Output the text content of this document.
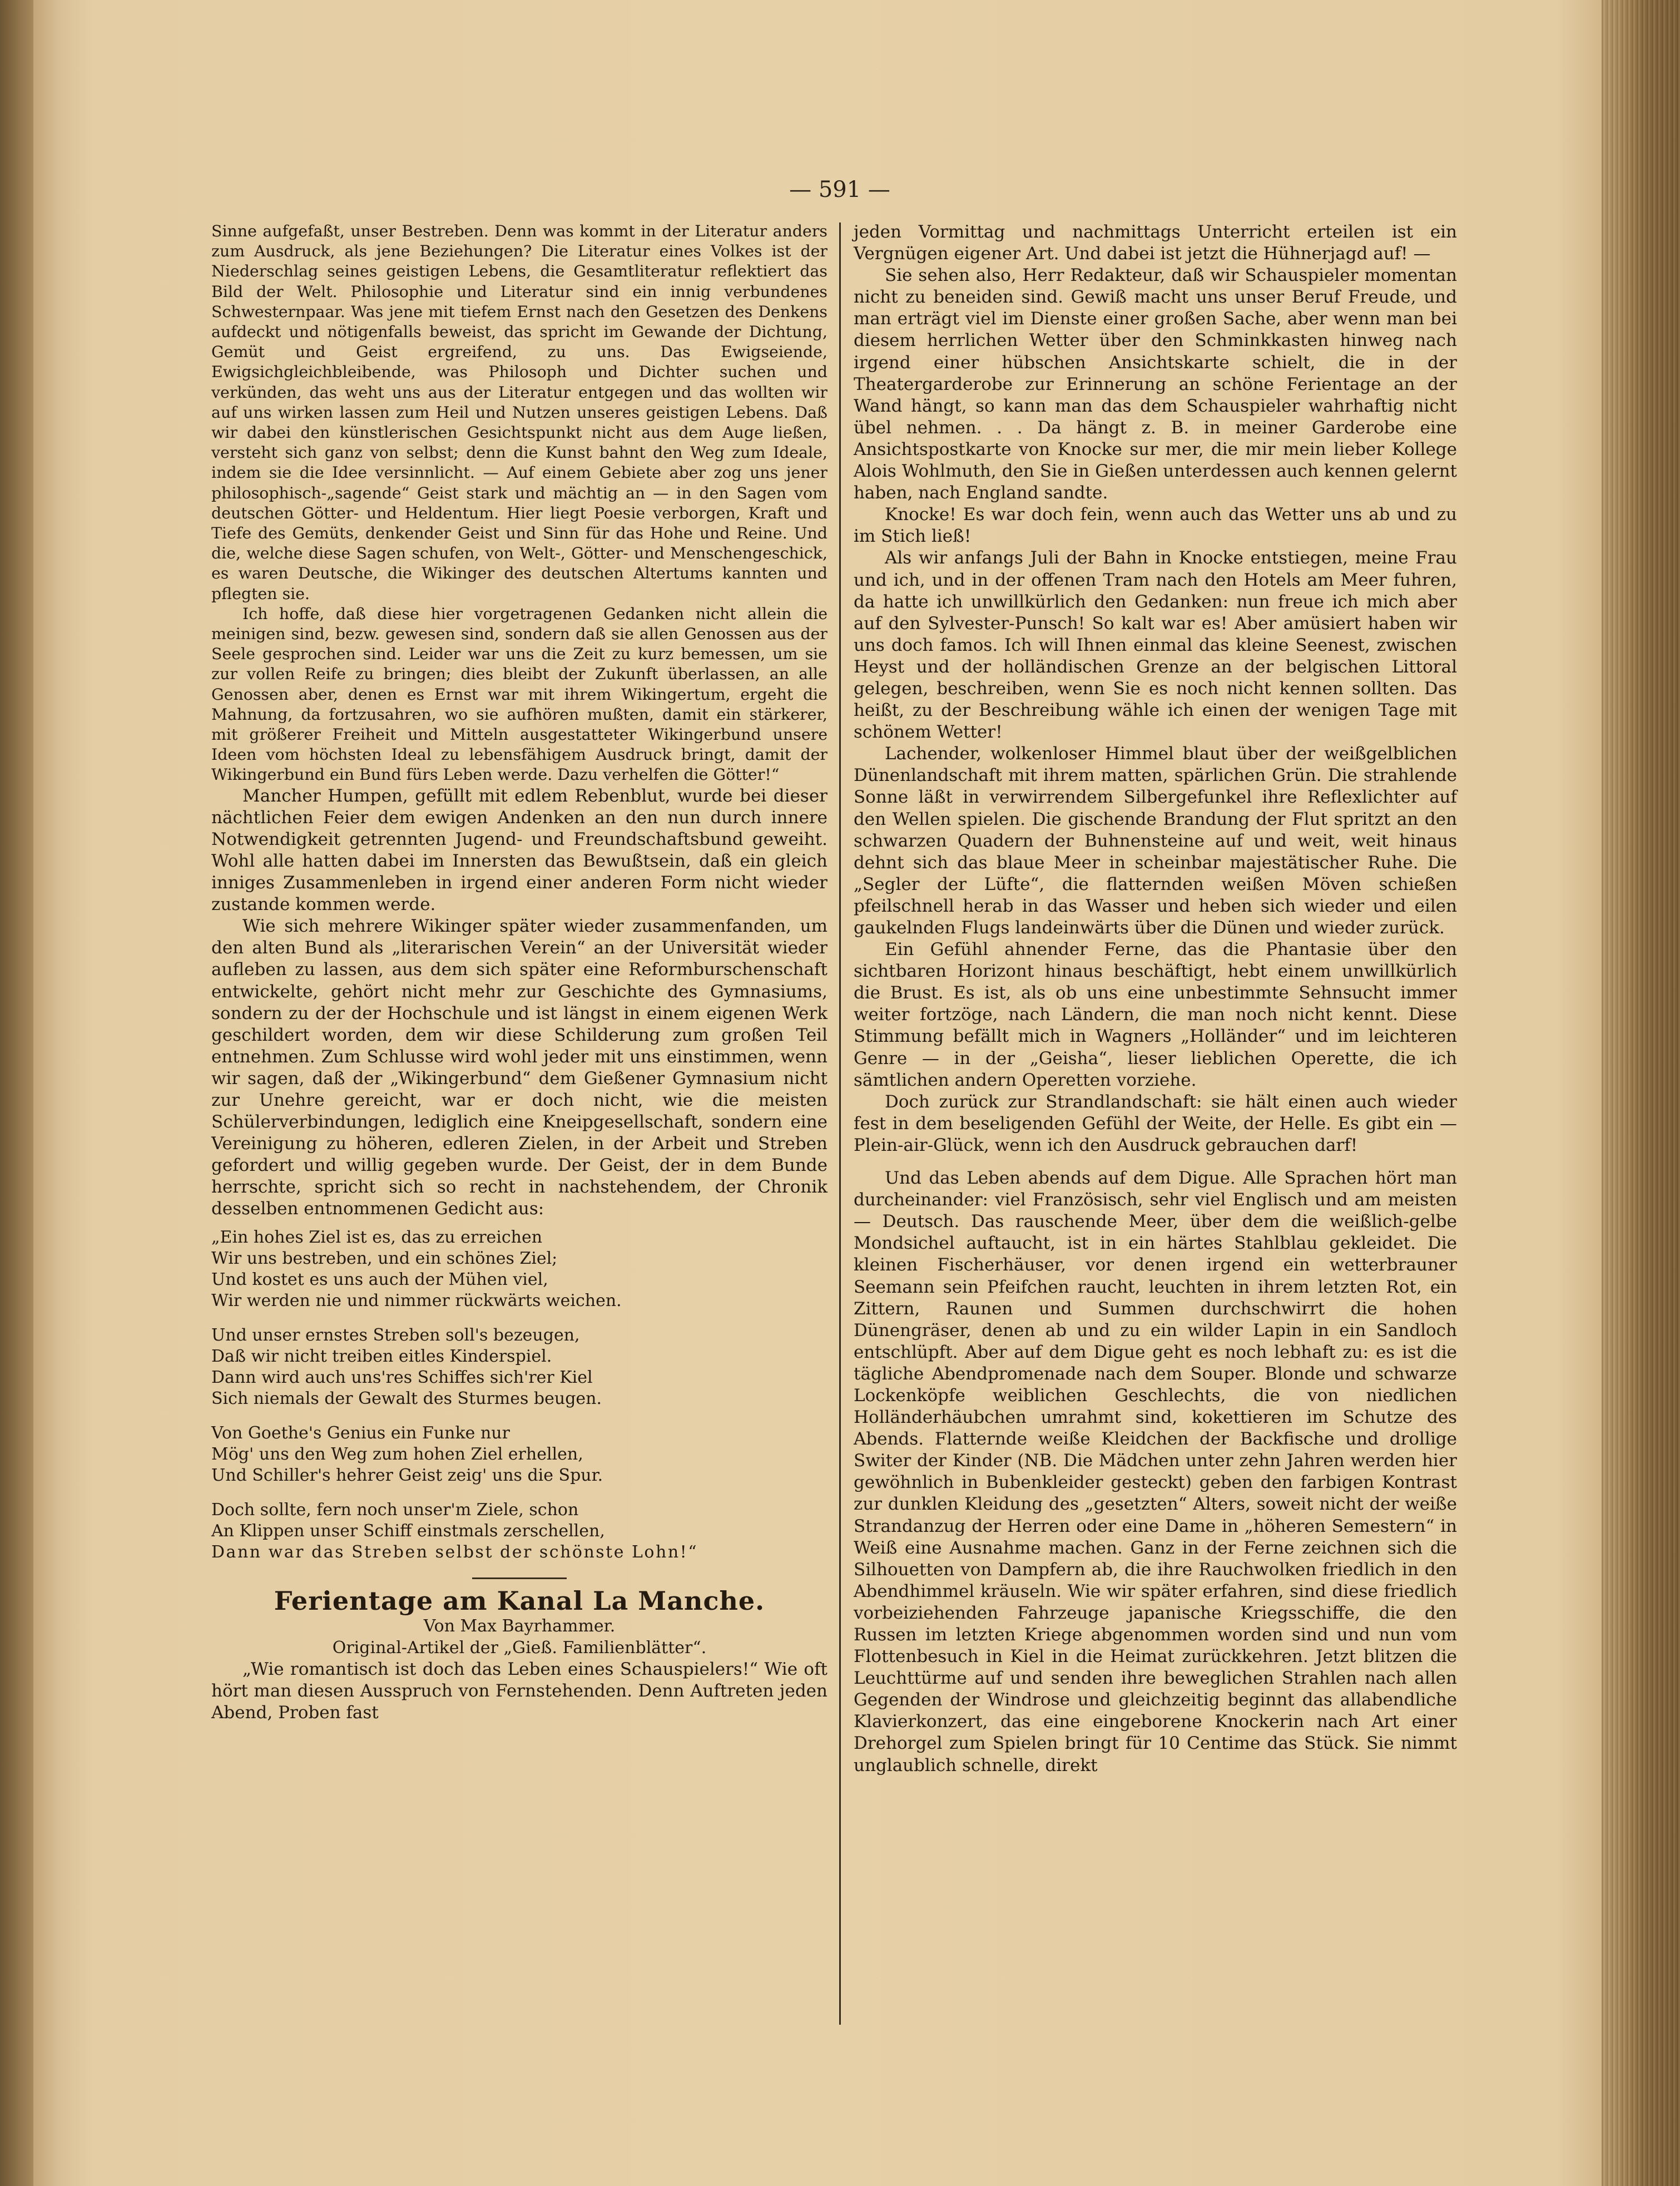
— 591 —

Sinne aufgefaßt, unser Bestreben. Denn was kommt in der Literatur anders zum Ausdruck, als jene Beziehungen? Die Literatur eines Volkes ist der Niederschlag seines geistigen Lebens, die Gesamtliteratur reflektiert das Bild der Welt. Philosophie und Literatur sind ein innig verbundenes Schwesternpaar. Was jene mit tiefem Ernst nach den Gesetzen des Denkens aufdeckt und nötigenfalls beweist, das spricht im Gewande der Dichtung, Gemüt und Geist ergreifend, zu uns. Das Ewigseiende, Ewigsichgleichbleibende, was Philosoph und Dichter suchen und verkünden, das weht uns aus der Literatur entgegen und das wollten wir auf uns wirken lassen zum Heil und Nutzen unseres geistigen Lebens. Daß wir dabei den künstlerischen Gesichtspunkt nicht aus dem Auge ließen, versteht sich ganz von selbst; denn die Kunst bahnt den Weg zum Ideale, indem sie die Idee versinnlicht. — Auf einem Gebiete aber zog uns jener philosophisch-„sagende“ Geist stark und mächtig an — in den Sagen vom deutschen Götter- und Heldentum. Hier liegt Poesie verborgen, Kraft und Tiefe des Gemüts, denkender Geist und Sinn für das Hohe und Reine. Und die, welche diese Sagen schufen, von Welt-, Götter- und Menschengeschick, es waren Deutsche, die Wikinger des deutschen Altertums kannten und pflegten sie.

Ich hoffe, daß diese hier vorgetragenen Gedanken nicht allein die meinigen sind, bezw. gewesen sind, sondern daß sie allen Genossen aus der Seele gesprochen sind. Leider war uns die Zeit zu kurz bemessen, um sie zur vollen Reife zu bringen; dies bleibt der Zukunft überlassen, an alle Genossen aber, denen es Ernst war mit ihrem Wikingertum, ergeht die Mahnung, da fortzusahren, wo sie aufhören mußten, damit ein stärkerer, mit größerer Freiheit und Mitteln ausgestatteter Wikingerbund unsere Ideen vom höchsten Ideal zu lebensfähigem Ausdruck bringt, damit der Wikingerbund ein Bund fürs Leben werde. Dazu verhelfen die Götter!“

Mancher Humpen, gefüllt mit edlem Rebenblut, wurde bei dieser nächtlichen Feier dem ewigen Andenken an den nun durch innere Notwendigkeit getrennten Jugend- und Freundschaftsbund geweiht. Wohl alle hatten dabei im Innersten das Bewußtsein, daß ein gleich inniges Zusammenleben in irgend einer anderen Form nicht wieder zustande kommen werde.

Wie sich mehrere Wikinger später wieder zusammenfanden, um den alten Bund als „literarischen Verein“ an der Universität wieder aufleben zu lassen, aus dem sich später eine Reformburschenschaft entwickelte, gehört nicht mehr zur Geschichte des Gymnasiums, sondern zu der der Hochschule und ist längst in einem eigenen Werk geschildert worden, dem wir diese Schilderung zum großen Teil entnehmen. Zum Schlusse wird wohl jeder mit uns einstimmen, wenn wir sagen, daß der „Wikingerbund“ dem Gießener Gymnasium nicht zur Unehre gereicht, war er doch nicht, wie die meisten Schülerverbindungen, lediglich eine Kneipgesellschaft, sondern eine Vereinigung zu höheren, edleren Zielen, in der Arbeit und Streben gefordert und willig gegeben wurde. Der Geist, der in dem Bunde herrschte, spricht sich so recht in nachstehendem, der Chronik desselben entnommenen Gedicht aus:

„Ein hohes Ziel ist es, das zu erreichen
Wir uns bestreben, und ein schönes Ziel;
Und kostet es uns auch der Mühen viel,
Wir werden nie und nimmer rückwärts weichen.
Und unser ernstes Streben soll's bezeugen,
Daß wir nicht treiben eitles Kinderspiel.
Dann wird auch uns'res Schiffes sich'rer Kiel
Sich niemals der Gewalt des Sturmes beugen.
Von Goethe's Genius ein Funke nur
Mög' uns den Weg zum hohen Ziel erhellen,
Und Schiller's hehrer Geist zeig' uns die Spur.
Doch sollte, fern noch unser'm Ziele, schon
An Klippen unser Schiff einstmals zerschellen,
Dann war das Streben selbst der schönste Lohn!“

Ferientage am Kanal La Manche.

Von Max Bayrhammer.

Original-Artikel der „Gieß. Familienblätter“.

„Wie romantisch ist doch das Leben eines Schauspielers!“ Wie oft hört man diesen Ausspruch von Fernstehenden. Denn Auftreten jeden Abend, Proben fast

jeden Vormittag und nachmittags Unterricht erteilen ist ein Vergnügen eigener Art. Und dabei ist jetzt die Hühnerjagd auf! —

Sie sehen also, Herr Redakteur, daß wir Schauspieler momentan nicht zu beneiden sind. Gewiß macht uns unser Beruf Freude, und man erträgt viel im Dienste einer großen Sache, aber wenn man bei diesem herrlichen Wetter über den Schminkkasten hinweg nach irgend einer hübschen Ansichtskarte schielt, die in der Theatergarderobe zur Erinnerung an schöne Ferientage an der Wand hängt, so kann man das dem Schauspieler wahrhaftig nicht übel nehmen. . . Da hängt z. B. in meiner Garderobe eine Ansichtspostkarte von Knocke sur mer, die mir mein lieber Kollege Alois Wohlmuth, den Sie in Gießen unterdessen auch kennen gelernt haben, nach England sandte.

Knocke! Es war doch fein, wenn auch das Wetter uns ab und zu im Stich ließ!

Als wir anfangs Juli der Bahn in Knocke entstiegen, meine Frau und ich, und in der offenen Tram nach den Hotels am Meer fuhren, da hatte ich unwillkürlich den Gedanken: nun freue ich mich aber auf den Sylvester-Punsch! So kalt war es! Aber amüsiert haben wir uns doch famos. Ich will Ihnen einmal das kleine Seenest, zwischen Heyst und der holländischen Grenze an der belgischen Littoral gelegen, beschreiben, wenn Sie es noch nicht kennen sollten. Das heißt, zu der Beschreibung wähle ich einen der wenigen Tage mit schönem Wetter!

Lachender, wolkenloser Himmel blaut über der weißgelblichen Dünenlandschaft mit ihrem matten, spärlichen Grün. Die strahlende Sonne läßt in verwirrendem Silbergefunkel ihre Reflexlichter auf den Wellen spielen. Die gischende Brandung der Flut spritzt an den schwarzen Quadern der Buhnensteine auf und weit, weit hinaus dehnt sich das blaue Meer in scheinbar majestätischer Ruhe. Die „Segler der Lüfte“, die flatternden weißen Möven schießen pfeilschnell herab in das Wasser und heben sich wieder und eilen gaukelnden Flugs landeinwärts über die Dünen und wieder zurück.

Ein Gefühl ahnender Ferne, das die Phantasie über den sichtbaren Horizont hinaus beschäftigt, hebt einem unwillkürlich die Brust. Es ist, als ob uns eine unbestimmte Sehnsucht immer weiter fortzöge, nach Ländern, die man noch nicht kennt. Diese Stimmung befällt mich in Wagners „Holländer“ und im leichteren Genre — in der „Geisha“, lieser lieblichen Operette, die ich sämtlichen andern Operetten vorziehe.

Doch zurück zur Strandlandschaft: sie hält einen auch wieder fest in dem beseligenden Gefühl der Weite, der Helle. Es gibt ein — Plein-air-Glück, wenn ich den Ausdruck gebrauchen darf!

Und das Leben abends auf dem Digue. Alle Sprachen hört man durcheinander: viel Französisch, sehr viel Englisch und am meisten — Deutsch. Das rauschende Meer, über dem die weißlich-gelbe Mondsichel auftaucht, ist in ein härtes Stahlblau gekleidet. Die kleinen Fischerhäuser, vor denen irgend ein wetterbrauner Seemann sein Pfeifchen raucht, leuchten in ihrem letzten Rot, ein Zittern, Raunen und Summen durchschwirrt die hohen Dünengräser, denen ab und zu ein wilder Lapin in ein Sandloch entschlüpft. Aber auf dem Digue geht es noch lebhaft zu: es ist die tägliche Abendpromenade nach dem Souper. Blonde und schwarze Lockenköpfe weiblichen Geschlechts, die von niedlichen Holländerhäubchen umrahmt sind, kokettieren im Schutze des Abends. Flatternde weiße Kleidchen der Backfische und drollige Switer der Kinder (NB. Die Mädchen unter zehn Jahren werden hier gewöhnlich in Bubenkleider gesteckt) geben den farbigen Kontrast zur dunklen Kleidung des „gesetzten“ Alters, soweit nicht der weiße Strandanzug der Herren oder eine Dame in „höheren Semestern“ in Weiß eine Ausnahme machen. Ganz in der Ferne zeichnen sich die Silhouetten von Dampfern ab, die ihre Rauchwolken friedlich in den Abendhimmel kräuseln. Wie wir später erfahren, sind diese friedlich vorbeiziehenden Fahrzeuge japanische Kriegsschiffe, die den Russen im letzten Kriege abgenommen worden sind und nun vom Flottenbesuch in Kiel in die Heimat zurückkehren. Jetzt blitzen die Leuchttürme auf und senden ihre beweglichen Strahlen nach allen Gegenden der Windrose und gleichzeitig beginnt das allabendliche Klavierkonzert, das eine eingeborene Knockerin nach Art einer Drehorgel zum Spielen bringt für 10 Centime das Stück. Sie nimmt unglaublich schnelle, direkt
